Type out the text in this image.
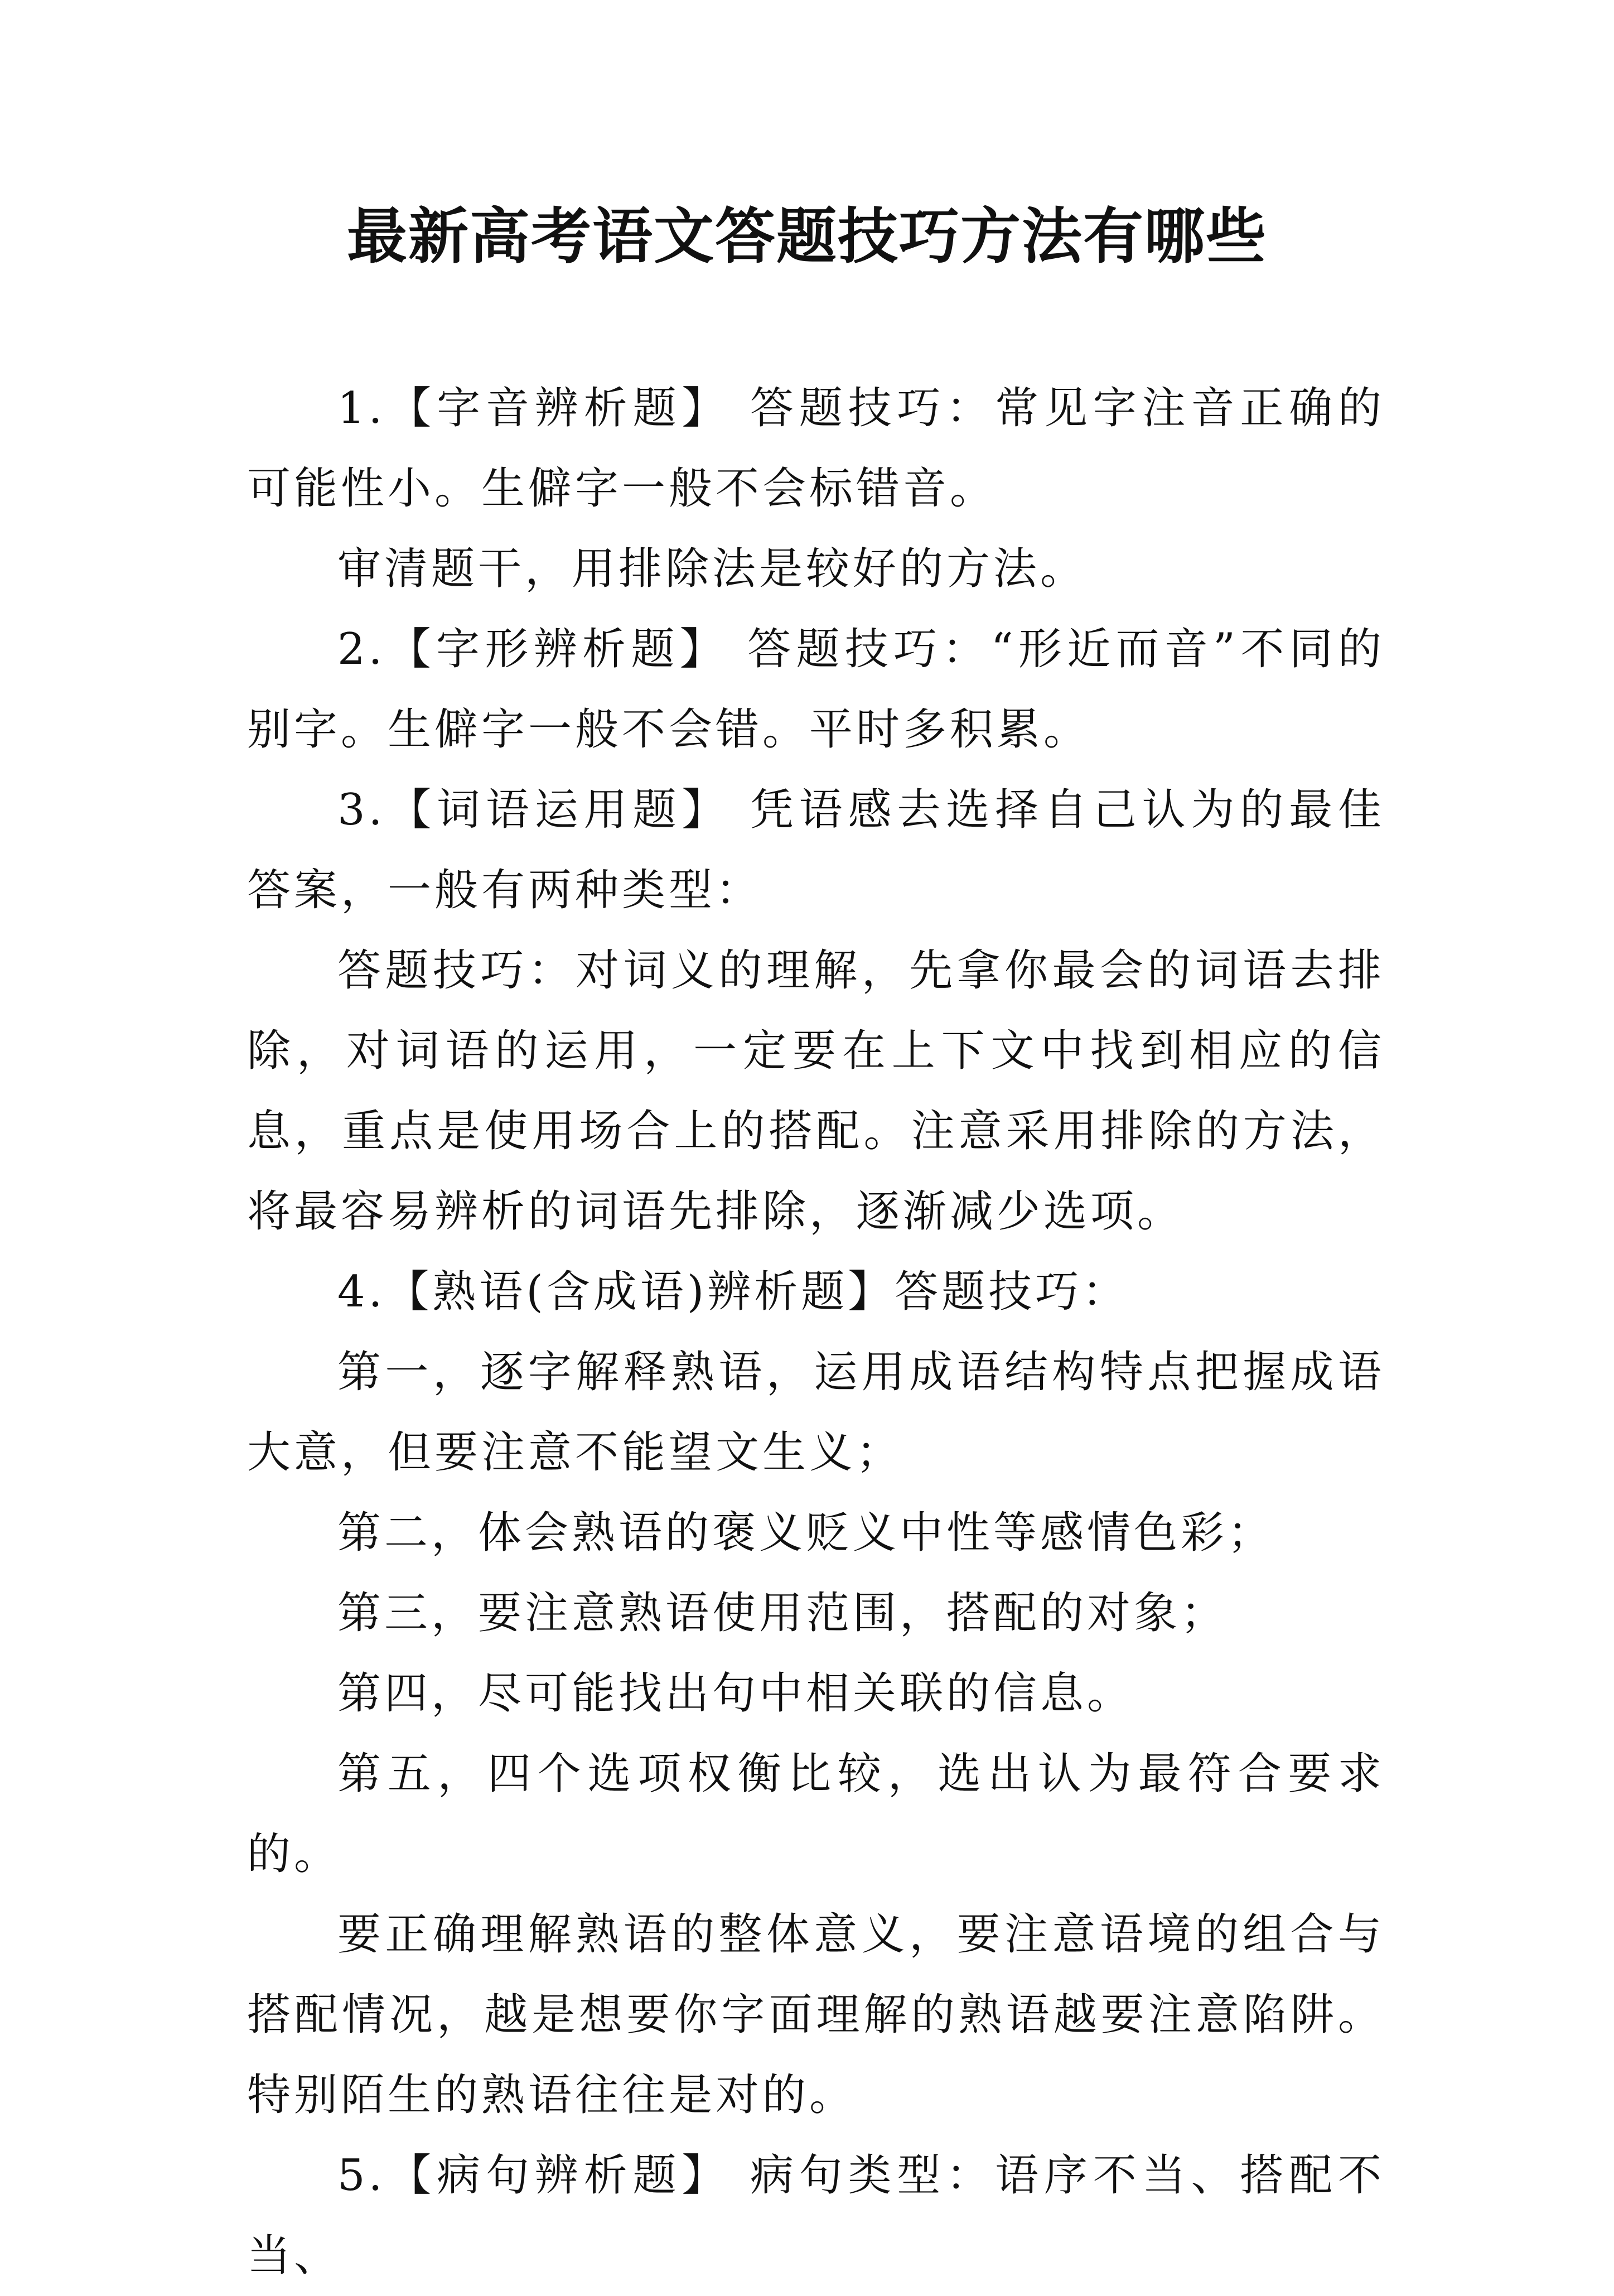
最新高考语文答题技巧方法有哪些

1.【字音辨析题】 答题技巧：常见字注音正确的可能性小。生僻字一般不会标错音。

审清题干，用排除法是较好的方法。

2.【字形辨析题】 答题技巧：“形近而音”不同的别字。生僻字一般不会错。平时多积累。

3.【词语运用题】 凭语感去选择自己认为的最佳答案，一般有两种类型：

答题技巧：对词义的理解，先拿你最会的词语去排除，对词语的运用，一定要在上下文中找到相应的信息，重点是使用场合上的搭配。注意采用排除的方法，将最容易辨析的词语先排除，逐渐减少选项。

4.【熟语(含成语)辨析题】答题技巧：

第一，逐字解释熟语，运用成语结构特点把握成语大意，但要注意不能望文生义；

第二，体会熟语的褒义贬义中性等感情色彩；

第三，要注意熟语使用范围，搭配的对象；

第四，尽可能找出句中相关联的信息。

第五，四个选项权衡比较，选出认为最符合要求的。

要正确理解熟语的整体意义，要注意语境的组合与搭配情况，越是想要你字面理解的熟语越要注意陷阱。特别陌生的熟语往往是对的。

5.【病句辨析题】 病句类型：语序不当、搭配不当、
